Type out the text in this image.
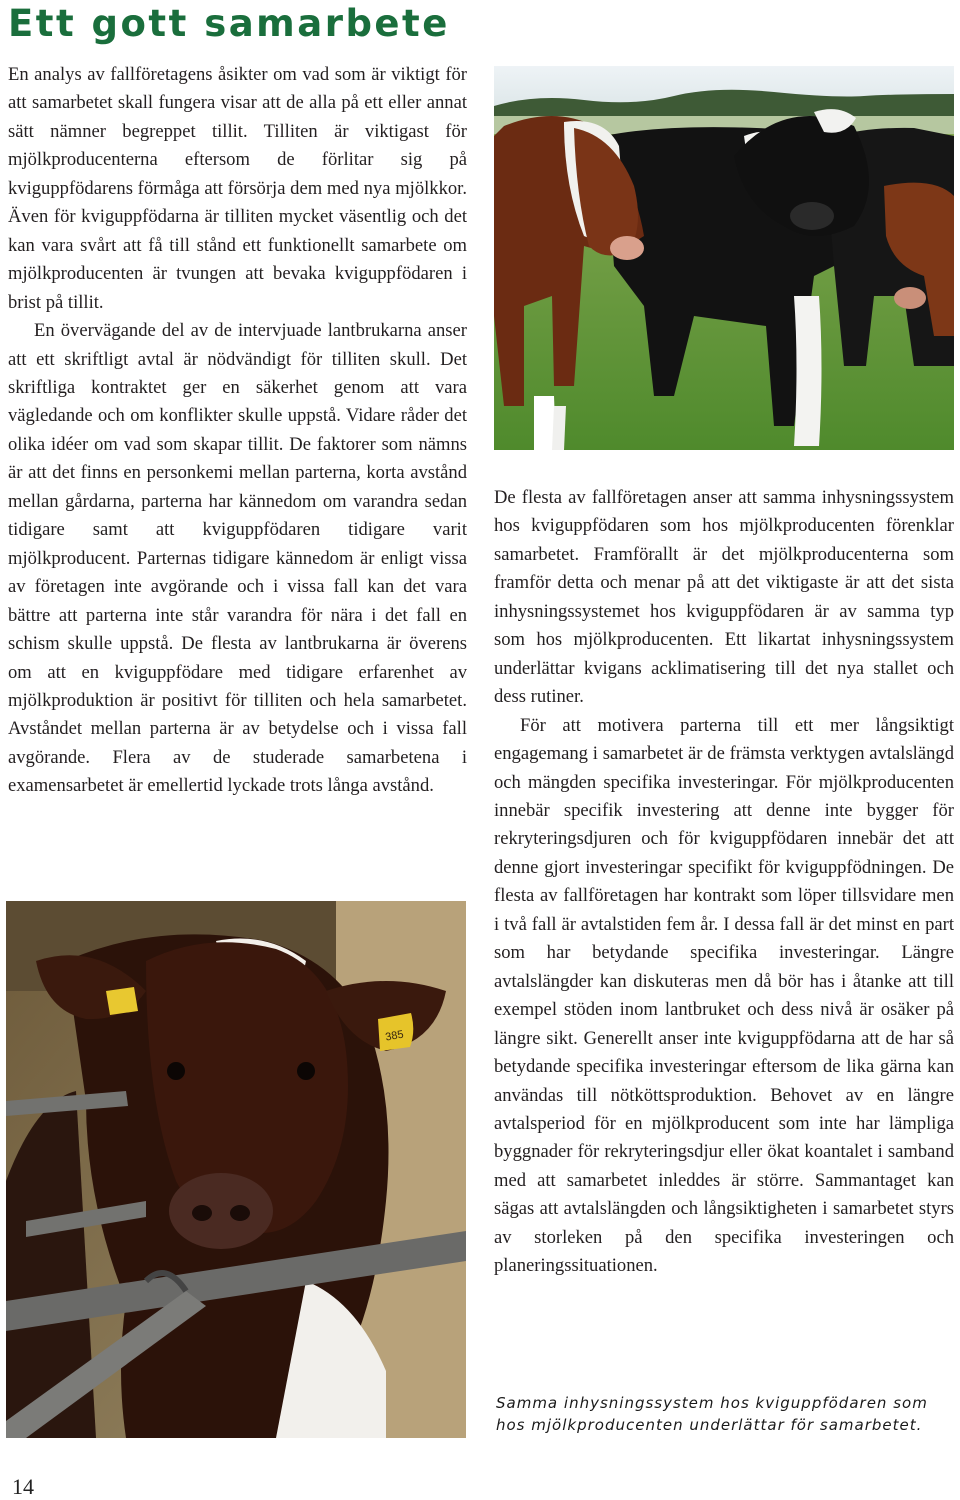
Ett gott samarbete

En analys av fallföretagens åsikter om vad som är viktigt för att samarbetet skall fungera visar att de alla på ett eller annat sätt nämner begreppet tillit. Tilliten är viktigast för mjölkproducenterna eftersom de förlitar sig på kviguppfödarens förmåga att försörja dem med nya mjölkkor. Även för kviguppfödarna är tilliten mycket väsentlig och det kan vara svårt att få till stånd ett funktionellt samarbete om mjölkproducenten är tvungen att bevaka kviguppfödaren i brist på tillit.

En övervägande del av de intervjuade lantbrukarna anser att ett skriftligt avtal är nödvändigt för tilliten skull. Det skriftliga kontraktet ger en säkerhet genom att vara vägledande och om konflikter skulle uppstå. Vidare råder det olika idéer om vad som skapar tillit. De faktorer som nämns är att det finns en personkemi mellan parterna, korta avstånd mellan gårdarna, parterna har kännedom om varandra sedan tidigare samt att kviguppfödaren tidigare varit mjölkproducent. Parternas tidigare kännedom är enligt vissa av företagen inte avgörande och i vissa fall kan det vara bättre att parterna inte står varandra för nära i det fall en schism skulle uppstå. De flesta av lantbrukarna är överens om att en kviguppfödare med tidigare erfarenhet av mjölkproduktion är positivt för tilliten och hela samarbetet. Avståndet mellan parterna är av betydelse och i vissa fall avgörande. Flera av de studerade samarbetena i examensarbetet är emellertid lyckade trots långa avstånd.

De flesta av fallföretagen anser att samma inhysningssystem hos kviguppfödaren som hos mjölkproducenten förenklar samarbetet. Framförallt är det mjölkproducenterna som framför detta och menar på att det viktigaste är att det sista inhysningssystemet hos kviguppfödaren är av samma typ som hos mjölkproducenten. Ett likartat inhysningssystem underlättar kvigans acklimatisering till det nya stallet och dess rutiner.

För att motivera parterna till ett mer långsiktigt engagemang i samarbetet är de främsta verktygen avtalslängd och mängden specifika investeringar. För mjölkproducenten innebär specifik investering att denne inte bygger för rekryteringsdjuren och för kviguppfödaren innebär det att denne gjort investeringar specifikt för kviguppfödningen. De flesta av fallföretagen har kontrakt som löper tillsvidare men i två fall är avtalstiden fem år. I dessa fall är det minst en part som har betydande specifika investeringar. Längre avtalslängder kan diskuteras men då bör has i åtanke att till exempel stöden inom lantbruket och dess nivå är osäker på längre sikt. Generellt anser inte kviguppfödarna att de har så betydande specifika investeringar eftersom de lika gärna kan användas till nötköttsproduktion. Behovet av en längre avtalsperiod för en mjölkproducent som inte har lämpliga byggnader för rekryteringsdjur eller ökat koantalet i samband med att samarbetet inleddes är större. Sammantaget kan sägas att avtalslängden och långsiktigheten i samarbetet styrs av storleken på den specifika investeringen och planeringssituationen.

385

Samma inhysningssystem hos kviguppfödaren som hos mjölkproducenten underlättar för samarbetet.

14
